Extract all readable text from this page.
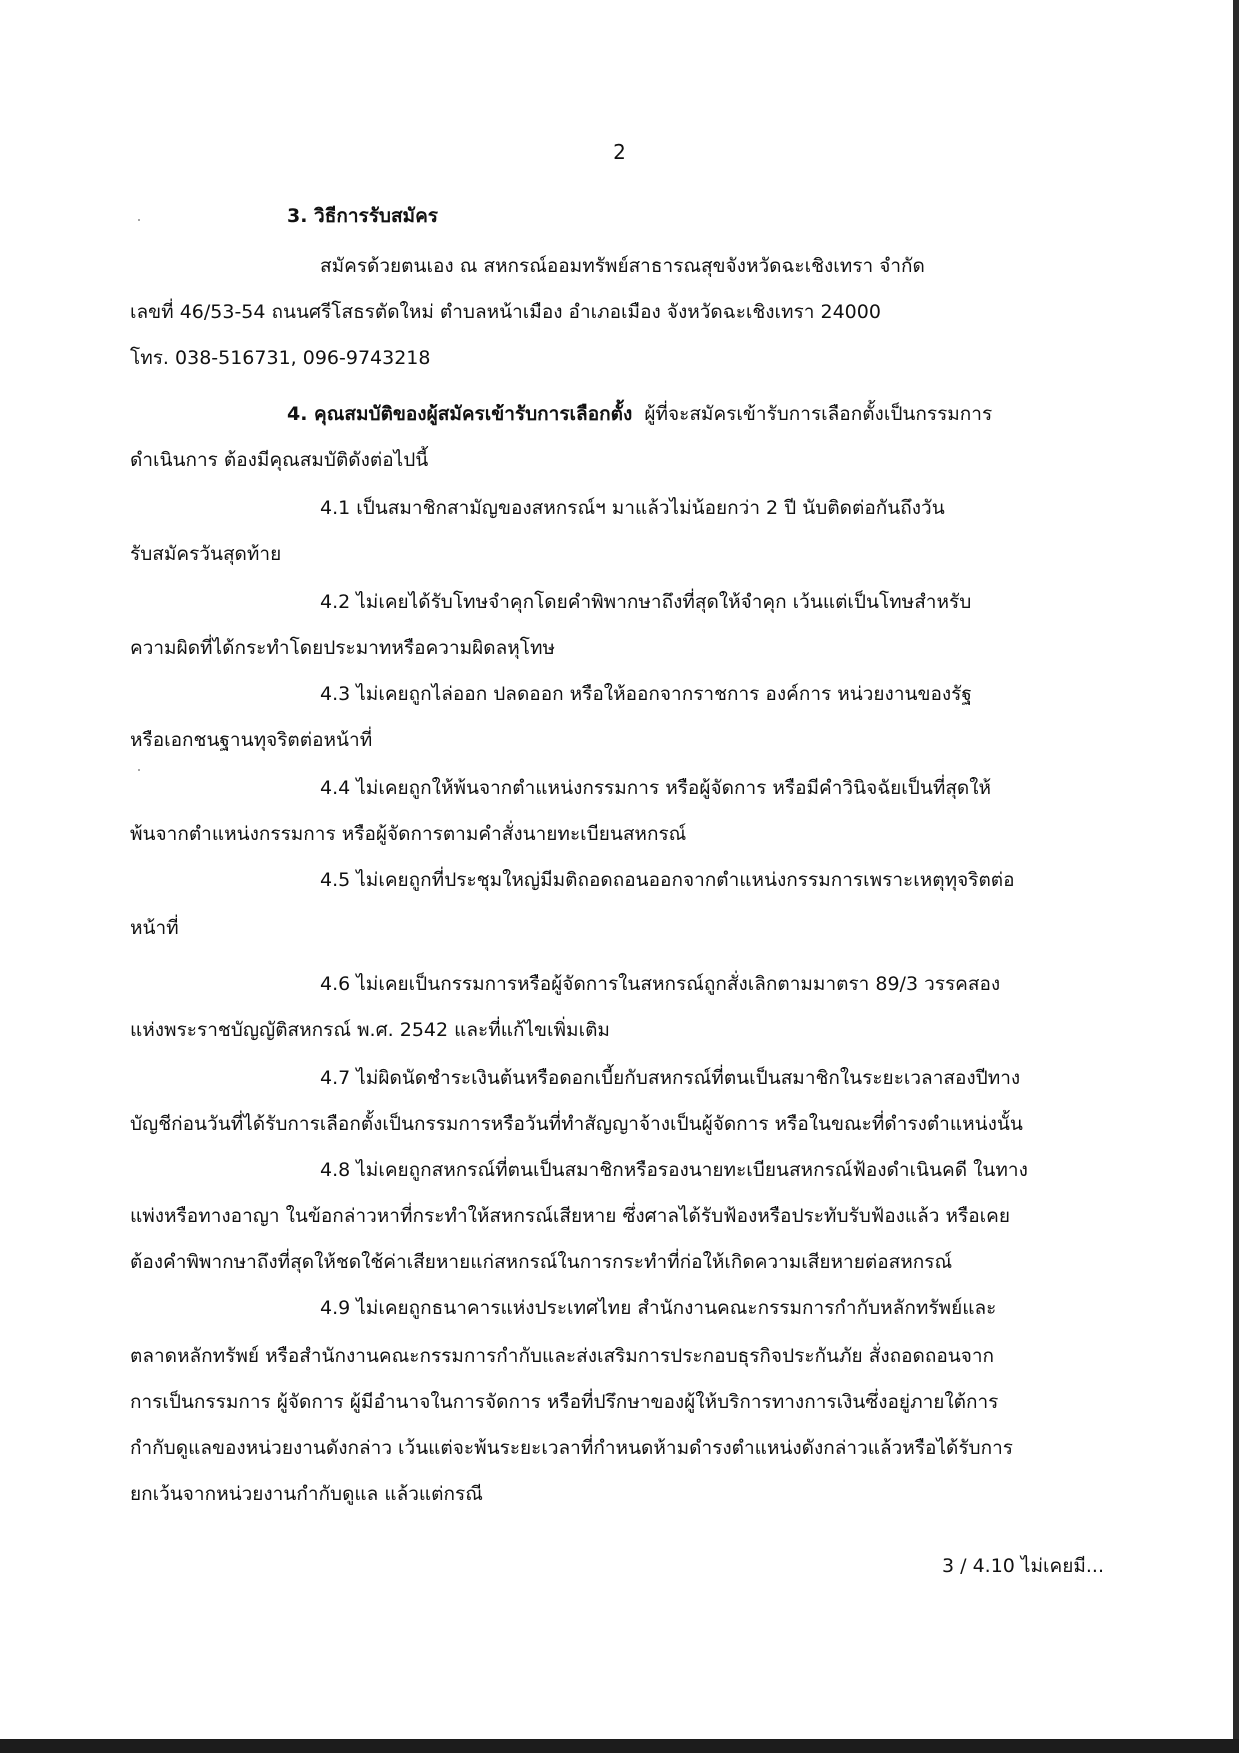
2
3. วิธีการรับสมัคร
สมัครด้วยตนเอง ณ สหกรณ์ออมทรัพย์สาธารณสุขจังหวัดฉะเชิงเทรา จำกัด
เลขที่ 46/53-54 ถนนศรีโสธรตัดใหม่ ตำบลหน้าเมือง อำเภอเมือง จังหวัดฉะเชิงเทรา 24000
โทร. 038-516731, 096-9743218
4. คุณสมบัติของผู้สมัครเข้ารับการเลือกตั้ง ผู้ที่จะสมัครเข้ารับการเลือกตั้งเป็นกรรมการ
ดำเนินการ ต้องมีคุณสมบัติดังต่อไปนี้
4.1 เป็นสมาชิกสามัญของสหกรณ์ฯ มาแล้วไม่น้อยกว่า 2 ปี นับติดต่อกันถึงวัน
รับสมัครวันสุดท้าย
4.2 ไม่เคยได้รับโทษจำคุกโดยคำพิพากษาถึงที่สุดให้จำคุก เว้นแต่เป็นโทษสำหรับ
ความผิดที่ได้กระทำโดยประมาทหรือความผิดลหุโทษ
4.3 ไม่เคยถูกไล่ออก ปลดออก หรือให้ออกจากราชการ องค์การ หน่วยงานของรัฐ
หรือเอกชนฐานทุจริตต่อหน้าที่
4.4 ไม่เคยถูกให้พ้นจากตำแหน่งกรรมการ หรือผู้จัดการ หรือมีคำวินิจฉัยเป็นที่สุดให้
พ้นจากตำแหน่งกรรมการ หรือผู้จัดการตามคำสั่งนายทะเบียนสหกรณ์
4.5 ไม่เคยถูกที่ประชุมใหญ่มีมติถอดถอนออกจากตำแหน่งกรรมการเพราะเหตุทุจริตต่อ
หน้าที่
4.6 ไม่เคยเป็นกรรมการหรือผู้จัดการในสหกรณ์ถูกสั่งเลิกตามมาตรา 89/3 วรรคสอง
แห่งพระราชบัญญัติสหกรณ์ พ.ศ. 2542 และที่แก้ไขเพิ่มเติม
4.7 ไม่ผิดนัดชำระเงินต้นหรือดอกเบี้ยกับสหกรณ์ที่ตนเป็นสมาชิกในระยะเวลาสองปีทาง
บัญชีก่อนวันที่ได้รับการเลือกตั้งเป็นกรรมการหรือวันที่ทำสัญญาจ้างเป็นผู้จัดการ หรือในขณะที่ดำรงตำแหน่งนั้น
4.8 ไม่เคยถูกสหกรณ์ที่ตนเป็นสมาชิกหรือรองนายทะเบียนสหกรณ์ฟ้องดำเนินคดี ในทาง
แพ่งหรือทางอาญา ในข้อกล่าวหาที่กระทำให้สหกรณ์เสียหาย ซึ่งศาลได้รับฟ้องหรือประทับรับฟ้องแล้ว หรือเคย
ต้องคำพิพากษาถึงที่สุดให้ชดใช้ค่าเสียหายแก่สหกรณ์ในการกระทำที่ก่อให้เกิดความเสียหายต่อสหกรณ์
4.9 ไม่เคยถูกธนาคารแห่งประเทศไทย สำนักงานคณะกรรมการกำกับหลักทรัพย์และ
ตลาดหลักทรัพย์ หรือสำนักงานคณะกรรมการกำกับและส่งเสริมการประกอบธุรกิจประกันภัย สั่งถอดถอนจาก
การเป็นกรรมการ ผู้จัดการ ผู้มีอำนาจในการจัดการ หรือที่ปรึกษาของผู้ให้บริการทางการเงินซึ่งอยู่ภายใต้การ
กำกับดูแลของหน่วยงานดังกล่าว เว้นแต่จะพ้นระยะเวลาที่กำหนดห้ามดำรงตำแหน่งดังกล่าวแล้วหรือได้รับการ
ยกเว้นจากหน่วยงานกำกับดูแล แล้วแต่กรณี
3 / 4.10 ไม่เคยมี...
